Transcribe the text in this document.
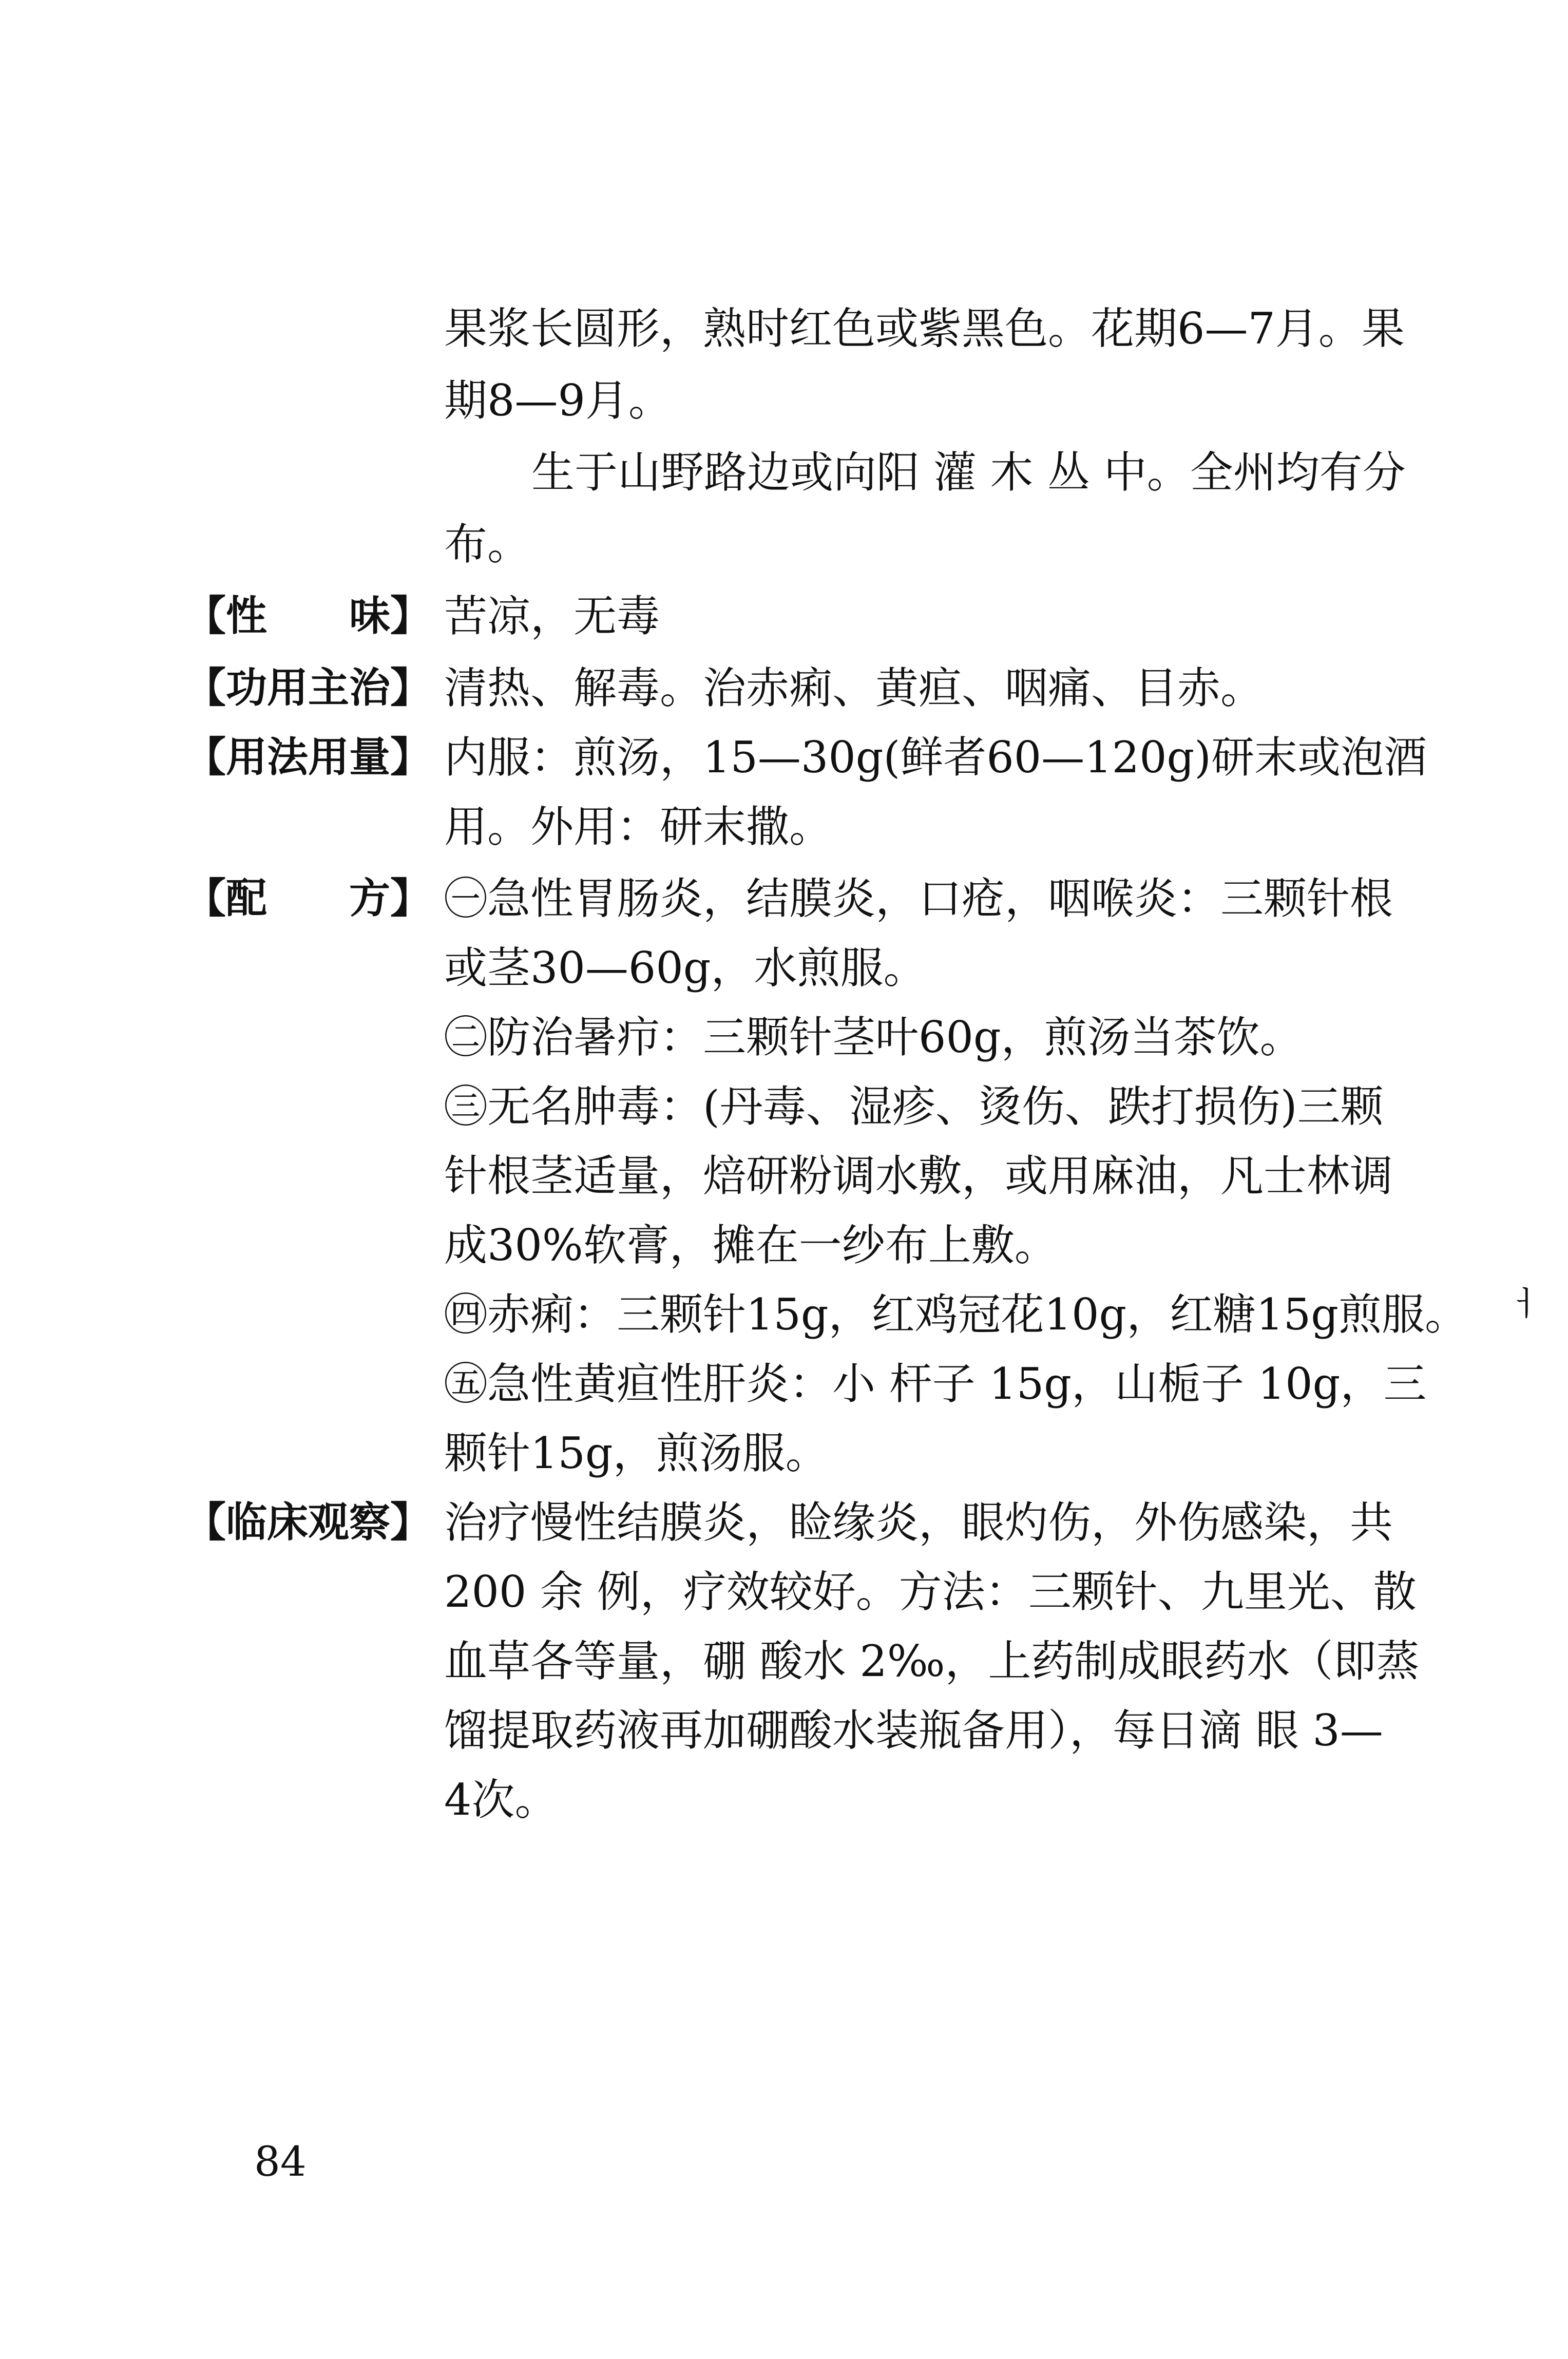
果浆长圆形，熟时红色或紫黑色。花期6—7月。果
期8—9月。
生于山野路边或向阳 灌 木 丛 中。全州均有分
布。
【性　　味】 苦凉，无毒
【功用主治】 清热、解毒。治赤痢、黄疸、咽痛、目赤。
【用法用量】 内服：煎汤，15—30g(鲜者60—120g)研末或泡酒
用。外用：研末撒。
【配　　方】 ㊀急性胃肠炎，结膜炎，口疮，咽喉炎：三颗针根
或茎30—60g，水煎服。
㊁防治暑疖：三颗针茎叶60g，煎汤当茶饮。
㊂无名肿毒：(丹毒、湿疹、烫伤、跌打损伤)三颗
针根茎适量，焙研粉调水敷，或用麻油，凡士林调
成30%软膏，摊在一纱布上敷。
㊃赤痢：三颗针15g，红鸡冠花10g，红糖15g煎服。
㊄急性黄疸性肝炎：小 杆子 15g，山栀子 10g，三
颗针15g，煎汤服。
【临床观察】 治疗慢性结膜炎，睑缘炎，眼灼伤，外伤感染，共
200 余 例，疗效较好。方法：三颗针、九里光、散
血草各等量，硼 酸水 2‰，上药制成眼药水（即蒸
馏提取药液再加硼酸水装瓶备用），每日滴 眼 3—
4次。
ㅓ
84
